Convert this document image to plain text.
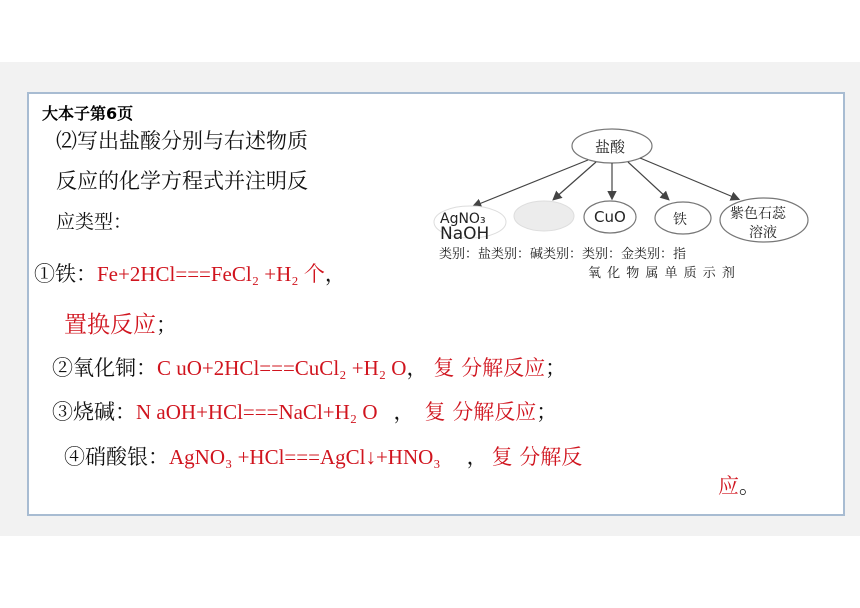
大本子第6页
⑵写出盐酸分别与右述物质
反应的化学方程式并注明反
应类型：
盐酸
AgNO₃
NaOH
CuO	铁	紫色石蕊
溶液
类别：盐类别：碱类别：类别：金类别：指
氧 化 物 属 单 质 示 剂
①铁：Fe+2HCl===FeCl₂ +H₂ 个，
置换反应；
②氧化铜：C uO+2HCl===CuCl₂ +H₂ O， 复 分解反应；
③烧碱：N aOH+HCl===NaCl+H₂ O ， 复 分解反应；
④硝酸银：AgNO₃ +HCl===AgCl↓+HNO₃ ， 复 分解反
应。
